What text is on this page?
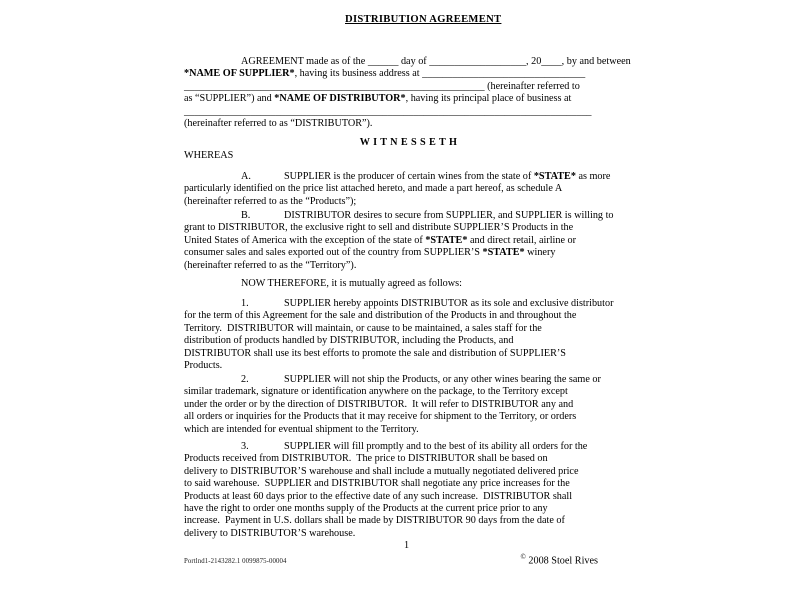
DISTRIBUTION AGREEMENT
AGREEMENT made as of the ______ day of ___________________, 20____, by and between
*NAME OF SUPPLIER*, having its business address at ________________________________
___________________________________________________________ (hereinafter referred to
as “SUPPLIER”) and *NAME OF DISTRIBUTOR*, having its principal place of business at
________________________________________________________________________________
(hereinafter referred to as “DISTRIBUTOR”).
W I T N E S S E T H
WHEREAS
A.	SUPPLIER is the producer of certain wines from the state of *STATE* as more
particularly identified on the price list attached hereto, and made a part hereof, as schedule A
(hereinafter referred to as the “Products”);
B.	DISTRIBUTOR desires to secure from SUPPLIER, and SUPPLIER is willing to
grant to DISTRIBUTOR, the exclusive right to sell and distribute SUPPLIER’S Products in the
United States of America with the exception of the state of *STATE* and direct retail, airline or
consumer sales and sales exported out of the country from SUPPLIER’S *STATE* winery
(hereinafter referred to as the “Territory”).
NOW THEREFORE, it is mutually agreed as follows:
1.	SUPPLIER hereby appoints DISTRIBUTOR as its sole and exclusive distributor
for the term of this Agreement for the sale and distribution of the Products in and throughout the
Territory.  DISTRIBUTOR will maintain, or cause to be maintained, a sales staff for the
distribution of products handled by DISTRIBUTOR, including the Products, and
DISTRIBUTOR shall use its best efforts to promote the sale and distribution of SUPPLIER’S
Products.
2.	SUPPLIER will not ship the Products, or any other wines bearing the same or
similar trademark, signature or identification anywhere on the package, to the Territory except
under the order or by the direction of DISTRIBUTOR.  It will refer to DISTRIBUTOR any and
all orders or inquiries for the Products that it may receive for shipment to the Territory, or orders
which are intended for eventual shipment to the Territory.
3.	SUPPLIER will fill promptly and to the best of its ability all orders for the
Products received from DISTRIBUTOR.  The price to DISTRIBUTOR shall be based on
delivery to DISTRIBUTOR’S warehouse and shall include a mutually negotiated delivered price
to said warehouse.  SUPPLIER and DISTRIBUTOR shall negotiate any price increases for the
Products at least 60 days prior to the effective date of any such increase.  DISTRIBUTOR shall
have the right to order one months supply of the Products at the current price prior to any
increase.  Payment in U.S. dollars shall be made by DISTRIBUTOR 90 days from the date of
delivery to DISTRIBUTOR’S warehouse.
1

© 2008 Stoel Rives

Portlnd1-2143282.1 0099875-00004
